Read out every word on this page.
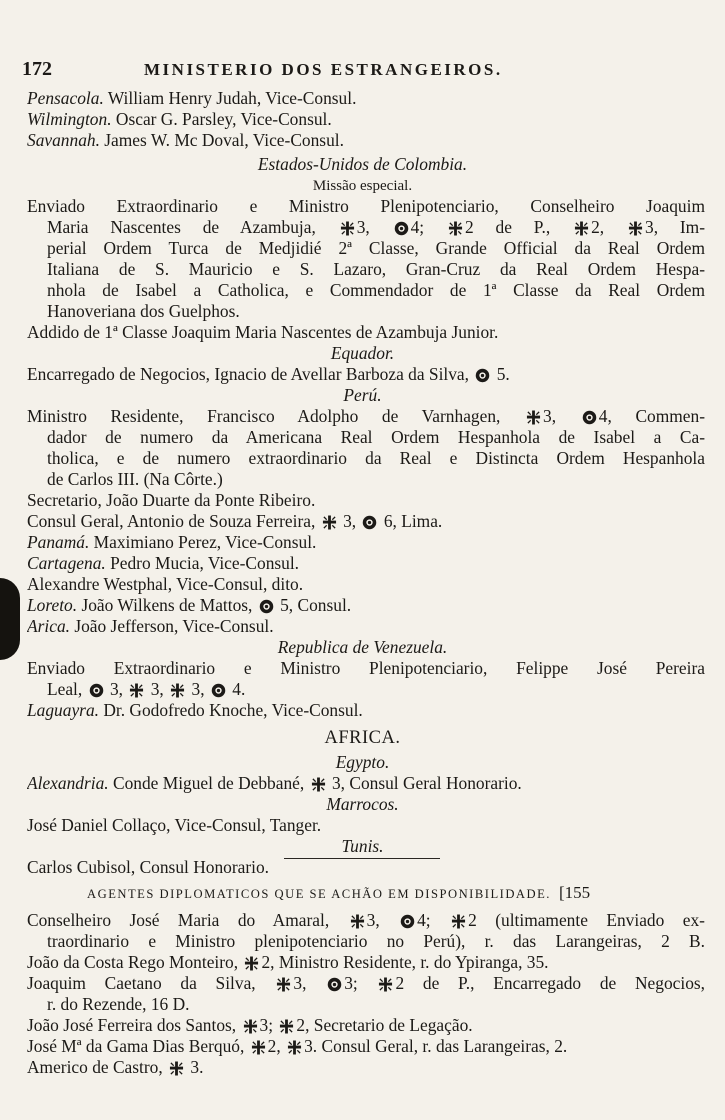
172	MINISTERIO DOS ESTRANGEIROS.
Pensacola. William Henry Judah, Vice-Consul.
Wilmington. Oscar G. Parsley, Vice-Consul.
Savannah. James W. Mc Doval, Vice-Consul.
Estados-Unidos de Colombia.
Missão especial.
Enviado Extraordinario e Ministro Plenipotenciario, Conselheiro Joaquim
Maria Nascentes de Azambuja, 3, 4; 2 de P., 2, 3, Im-
perial Ordem Turca de Medjidié 2ª Classe, Grande Official da Real Ordem
Italiana de S. Mauricio e S. Lazaro, Gran-Cruz da Real Ordem Hespa-
nhola de Isabel a Catholica, e Commendador de 1ª Classe da Real Ordem
Hanoveriana dos Guelphos.
Addido de 1ª Classe Joaquim Maria Nascentes de Azambuja Junior.
Equador.
Encarregado de Negocios, Ignacio de Avellar Barboza da Silva, 5.
Perú.
Ministro Residente, Francisco Adolpho de Varnhagen, 3, 4, Commen-
dador de numero da Americana Real Ordem Hespanhola de Isabel a Ca-
tholica, e de numero extraordinario da Real e Distincta Ordem Hespanhola
de Carlos III. (Na Côrte.)
Secretario, João Duarte da Ponte Ribeiro.
Consul Geral, Antonio de Souza Ferreira, 3, 6, Lima.
Panamá. Maximiano Perez, Vice-Consul.
Cartagena. Pedro Mucia, Vice-Consul.
Alexandre Westphal, Vice-Consul, dito.
Loreto. João Wilkens de Mattos, 5, Consul.
Arica. João Jefferson, Vice-Consul.
Republica de Venezuela.
Enviado Extraordinario e Ministro Plenipotenciario, Felippe José Pereira
Leal, 3, 3, 3, 4.
Laguayra. Dr. Godofredo Knoche, Vice-Consul.
AFRICA.
Egypto.
Alexandria. Conde Miguel de Debbané, 3, Consul Geral Honorario.
Marrocos.
José Daniel Collaço, Vice-Consul, Tanger.
Tunis.
Carlos Cubisol, Consul Honorario.
AGENTES DIPLOMATICOS QUE SE ACHÃO EM DISPONIBILIDADE. [155
Conselheiro José Maria do Amaral, 3, 4; 2 (ultimamente Enviado ex-
traordinario e Ministro plenipotenciario no Perú), r. das Larangeiras, 2 B.
João da Costa Rego Monteiro, 2, Ministro Residente, r. do Ypiranga, 35.
Joaquim Caetano da Silva, 3, 3; 2 de P., Encarregado de Negocios,
r. do Rezende, 16 D.
João José Ferreira dos Santos, 3; 2, Secretario de Legação.
José Mª da Gama Dias Berquó, 2, 3. Consul Geral, r. das Larangeiras, 2.
Americo de Castro, 3.
